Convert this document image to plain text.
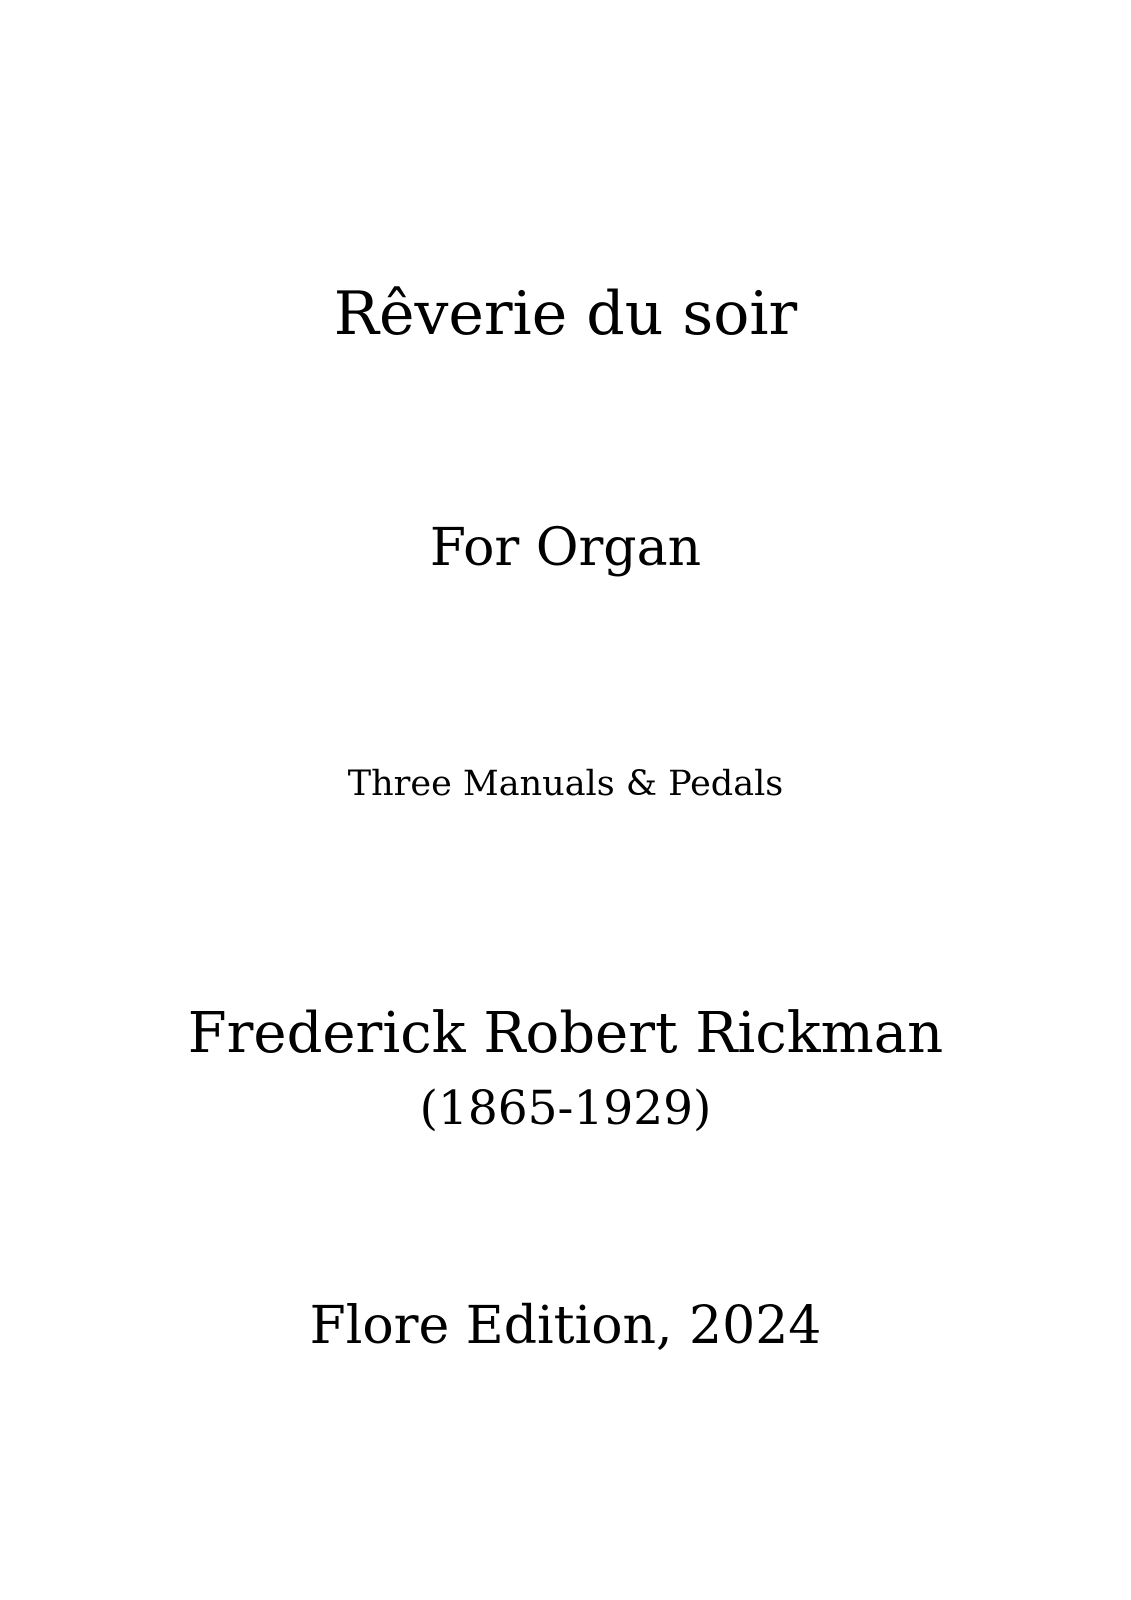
Rêverie du soir
For Organ
Three Manuals & Pedals
Frederick Robert Rickman
(1865-1929)
Flore Edition, 2024
